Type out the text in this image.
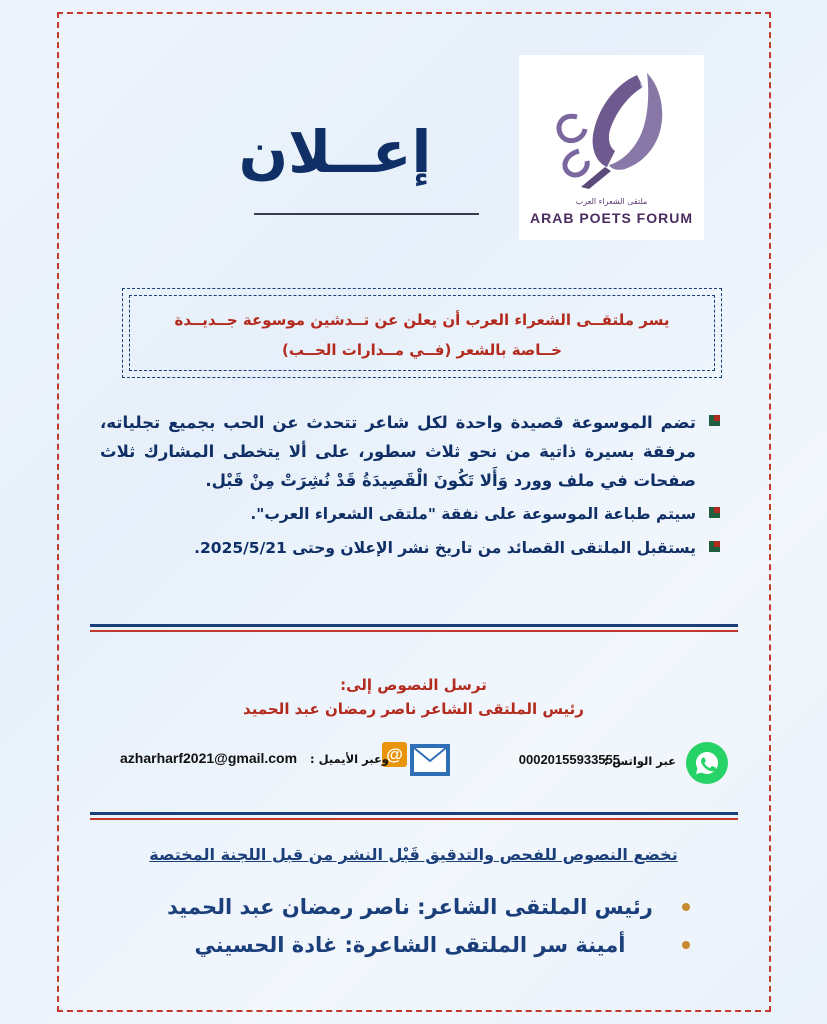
ملتقى الشعراء العرب
ARAB POETS FORUM
إعــلان
يسر ملتقــى الشعراء العرب أن يعلن عن تــدشين موسوعة جــديــدة
خــاصة بالشعر (فــي مــدارات الحــب)
تضم الموسوعة قصيدة واحدة لكل شاعر تتحدث عن الحب بجميع تجلياته، مرفقة بسيرة ذاتية من نحو ثلاث سطور، على ألا يتخطى المشارك ثلاث صفحات في ملف وورد وَأَلا تَكُونَ الْقَصِيدَةُ قَدْ نُشِرَتْ مِنْ قَبْل.
سيتم طباعة الموسوعة على نفقة "ملتقى الشعراء العرب".
يستقبل الملتقى القصائد من تاريخ نشر الإعلان وحتى 2025/5/21.
ترسل النصوص إلى:
رئيس الملتقى الشاعر ناصر رمضان عبد الحميد
عبر الواتس :
00020155933555
@
وعبر الأيميل :
azharharf2021@gmail.com
تخضع النصوص للفحص والتدقيق قَبْل النشر من قبل اللجنة المختصة
رئيس الملتقى الشاعر: ناصر رمضان عبد الحميد
أمينة سر الملتقى الشاعرة: غادة الحسيني
